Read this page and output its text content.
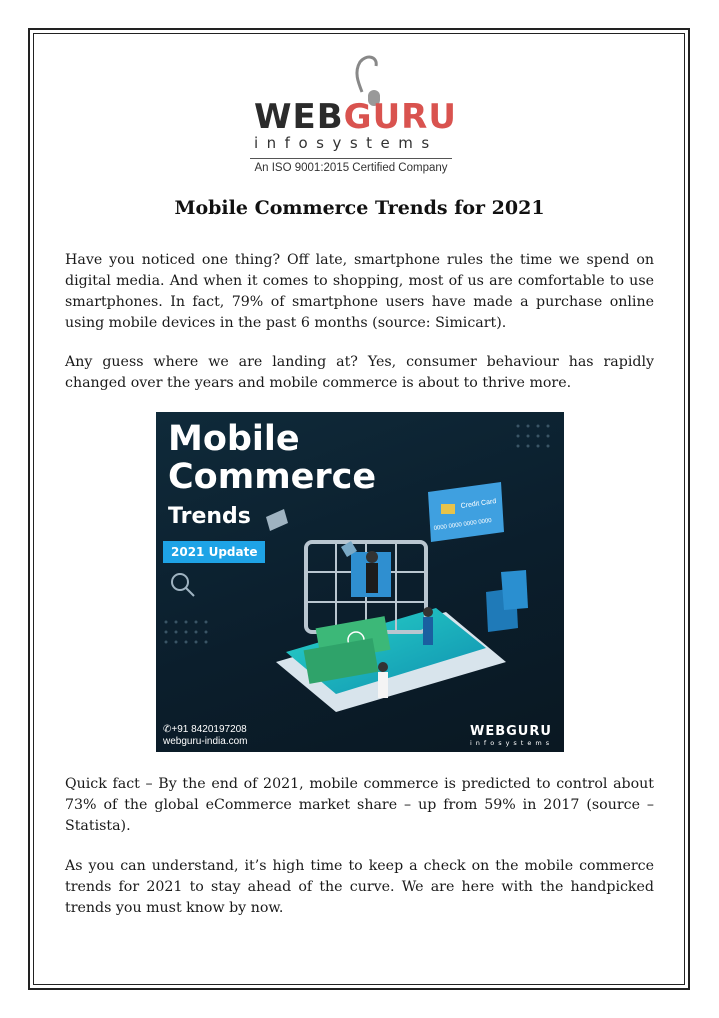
WEBGURU
infosystems
An ISO 9001:2015 Certified Company
Mobile Commerce Trends for 2021

Have you noticed one thing? Off late, smartphone rules the time we spend on digital media. And when it comes to shopping, most of us are comfortable to use smartphones. In fact, 79% of smartphone users have made a purchase online using mobile devices in the past 6 months (source: Simicart).

Any guess where we are landing at? Yes, consumer behaviour has rapidly changed over the years and mobile commerce is about to thrive more.

Credit Card
0000 0000 0000 0000
Mobile
Commerce
Trends
2021 Update
✆+91 8420197208
webguru-india.com
WEBGURU
infosystems

Quick fact – By the end of 2021, mobile commerce is predicted to control about 73% of the global eCommerce market share – up from 59% in 2017 (source – Statista).

As you can understand, it’s high time to keep a check on the mobile commerce trends for 2021 to stay ahead of the curve. We are here with the handpicked trends you must know by now.
